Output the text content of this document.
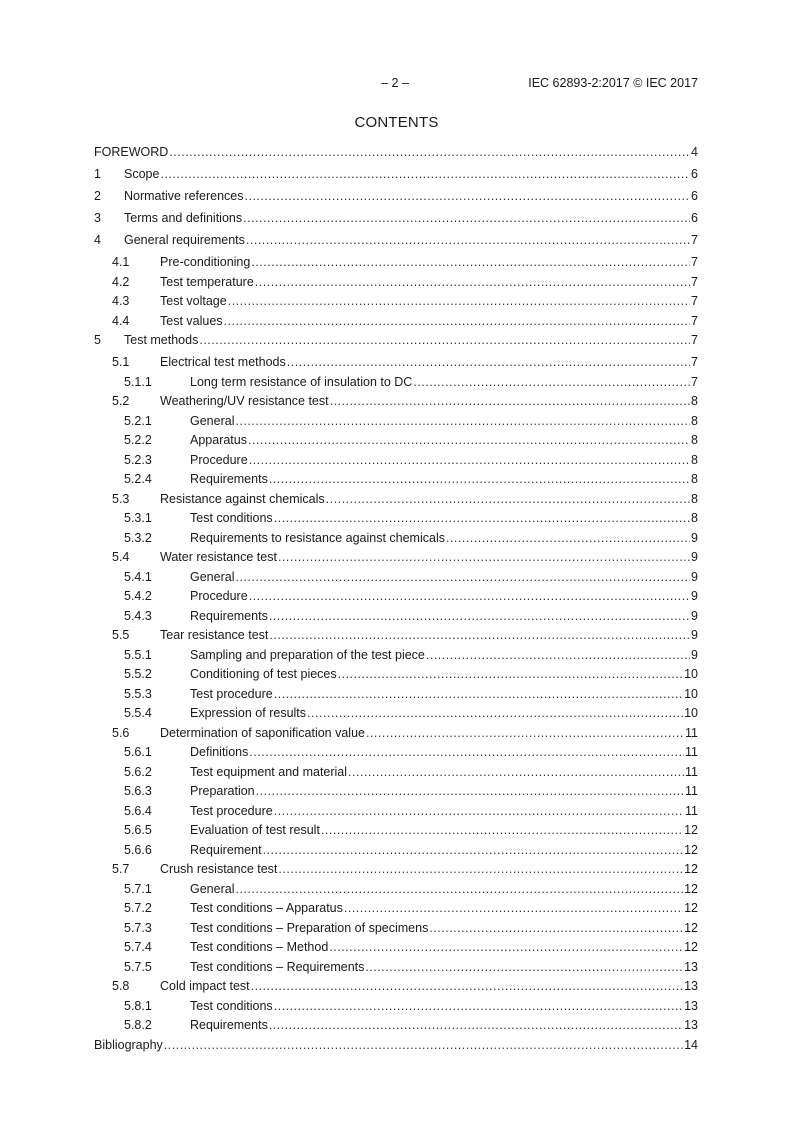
– 2 –	IEC 62893-2:2017 © IEC 2017
CONTENTS
FOREWORD .....	4
1 Scope .....	6
2 Normative references .....	6
3 Terms and definitions .....	6
4 General requirements .....	7
4.1 Pre-conditioning .....	7
4.2 Test temperature .....	7
4.3 Test voltage .....	7
4.4 Test values .....	7
5 Test methods .....	7
5.1 Electrical test methods .....	7
5.1.1	Long term resistance of insulation to DC .....	7
5.2 Weathering/UV resistance test .....	8
5.2.1	General .....	8
5.2.2	Apparatus .....	8
5.2.3	Procedure .....	8
5.2.4	Requirements .....	8
5.3 Resistance against chemicals .....	8
5.3.1	Test conditions .....	8
5.3.2	Requirements to resistance against chemicals .....	9
5.4 Water resistance test .....	9
5.4.1	General .....	9
5.4.2	Procedure .....	9
5.4.3	Requirements .....	9
5.5 Tear resistance test .....	9
5.5.1	Sampling and preparation of the test piece .....	9
5.5.2	Conditioning of test pieces .....	10
5.5.3	Test procedure .....	10
5.5.4	Expression of results .....	10
5.6 Determination of saponification value .....	11
5.6.1	Definitions .....	11
5.6.2	Test equipment and material .....	11
5.6.3	Preparation .....	11
5.6.4	Test procedure .....	11
5.6.5	Evaluation of test result .....	12
5.6.6	Requirement .....	12
5.7 Crush resistance test .....	12
5.7.1	General .....	12
5.7.2	Test conditions – Apparatus .....	12
5.7.3	Test conditions – Preparation of specimens .....	12
5.7.4	Test conditions – Method .....	12
5.7.5	Test conditions – Requirements .....	13
5.8 Cold impact test .....	13
5.8.1	Test conditions .....	13
5.8.2	Requirements .....	13
Bibliography .....	14
